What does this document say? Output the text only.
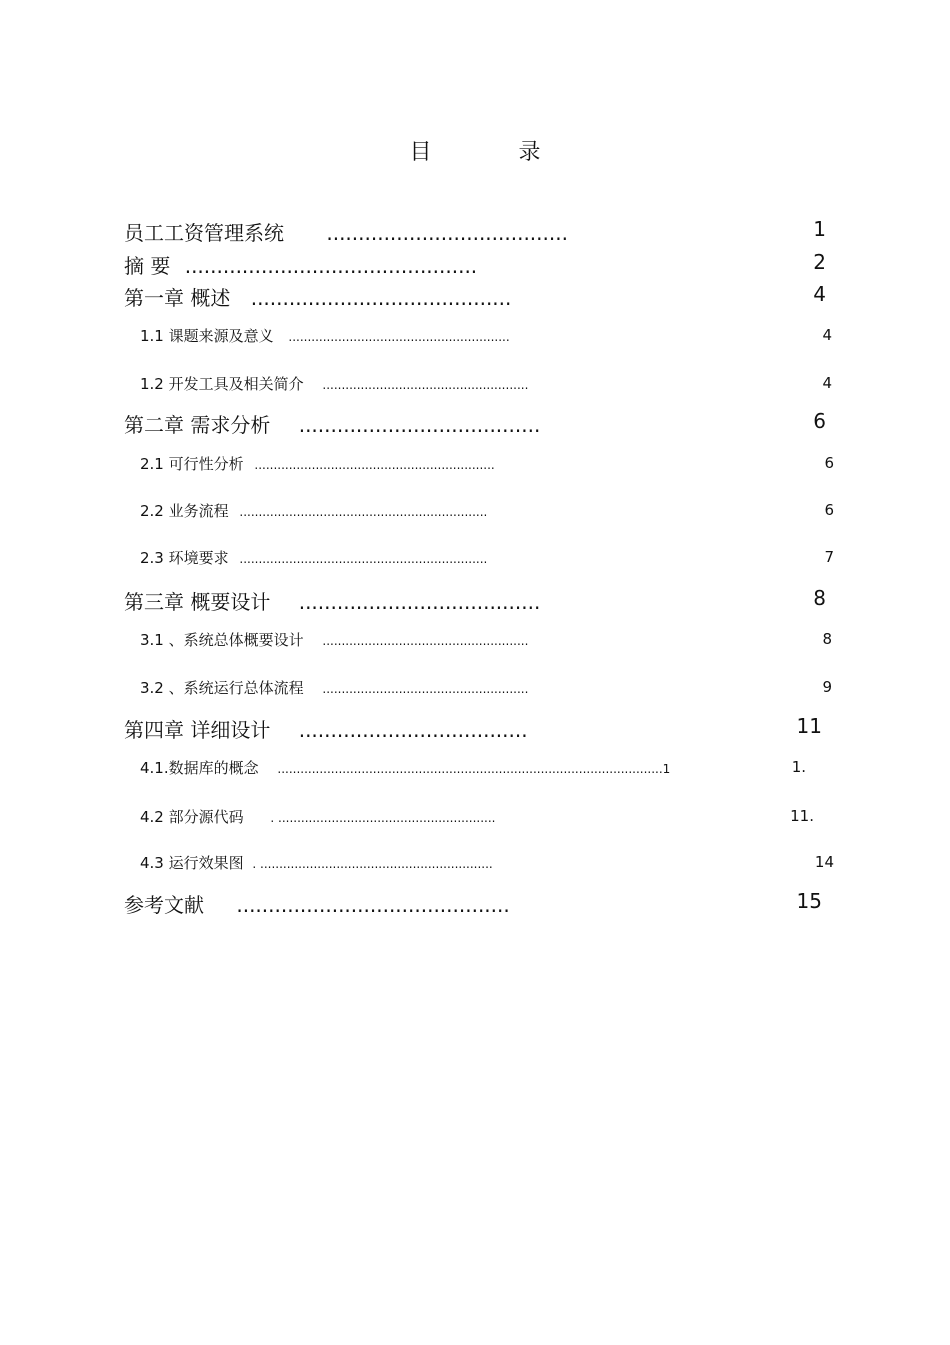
目 录
员工工资管理系统 ......................................	1
摘 要 ..............................................	2
第一章 概述 .........................................	4
1.1 课题来源及意义 ..........................................................	4
1.2 开发工具及相关简介 ......................................................	4
第二章 需求分析 ......................................	6
2.1 可行性分析 ...............................................................	6
2.2 业务流程 .................................................................	6
2.3 环境要求 .................................................................	7
第三章 概要设计 ......................................	8
3.1 、系统总体概要设计 ......................................................	8
3.2 、系统运行总体流程 ......................................................	9
第四章 详细设计 ....................................	11
4.1.数据库的概念 .....................................................................................................1	1.
4.2 部分源代码 . .........................................................	11.
4.3 运行效果图 . .............................................................	14
参考文献 ...........................................	15
